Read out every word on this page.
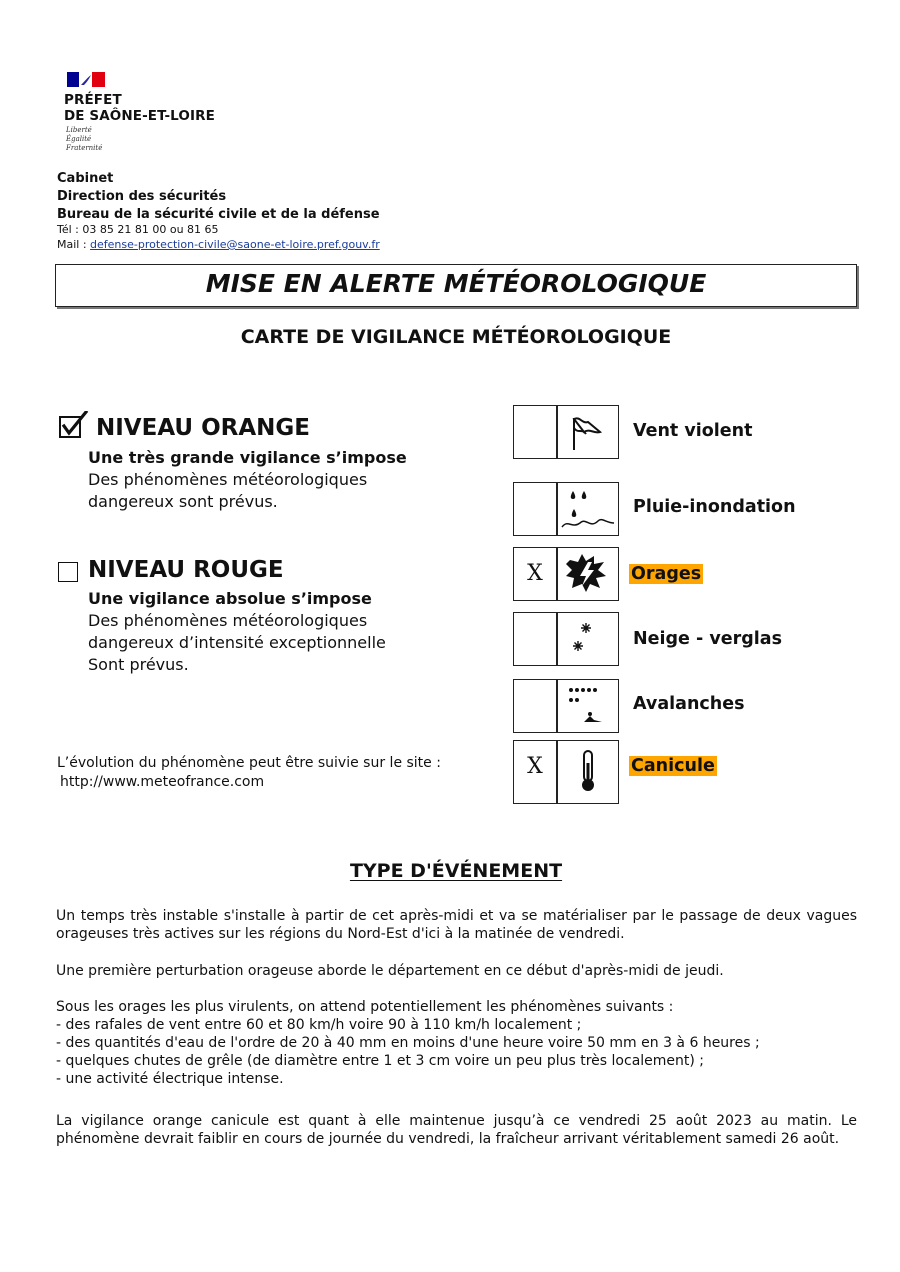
PRÉFET
DE SAÔNE-ET-LOIRE
Liberté
Égalité
Fraternité
Cabinet
Direction des sécurités
Bureau de la sécurité civile et de la défense
Tél : 03 85 21 81 00 ou 81 65
Mail : defense-protection-civile@saone-et-loire.pref.gouv.fr
MISE EN ALERTE MÉTÉOROLOGIQUE
CARTE DE VIGILANCE MÉTÉOROLOGIQUE
NIVEAU ORANGE
Une très grande vigilance s’impose
Des phénomènes météorologiques
dangereux sont prévus.
NIVEAU ROUGE
Une vigilance absolue s’impose
Des phénomènes météorologiques
dangereux d’intensité exceptionnelle
Sont prévus.
L’évolution du phénomène peut être suivie sur le site :
http://www.meteofrance.com
Vent violent
Pluie-inondation
X	Orages
Neige - verglas
Avalanches
X	Canicule
TYPE D'ÉVÉNEMENT
Un temps très instable s'installe à partir de cet après-midi et va se matérialiser par le passage de deux vagues orageuses très actives sur les régions du Nord-Est d'ici à la matinée de vendredi.
Une première perturbation orageuse aborde le département en ce début d'après-midi de jeudi.

Sous les orages les plus virulents, on attend potentiellement les phénomènes suivants :

- des rafales de vent entre 60 et 80 km/h voire 90 à 110 km/h localement ;

- des quantités d'eau de l'ordre de 20 à 40 mm en moins d'une heure voire 50 mm en 3 à 6 heures ;

- quelques chutes de grêle (de diamètre entre 1 et 3 cm voire un peu plus très localement) ;

- une activité électrique intense.

La vigilance orange canicule est quant à elle maintenue jusqu’à ce vendredi 25 août 2023 au matin. Le phénomène devrait faiblir en cours de journée du vendredi, la fraîcheur arrivant véritablement samedi 26 août.
